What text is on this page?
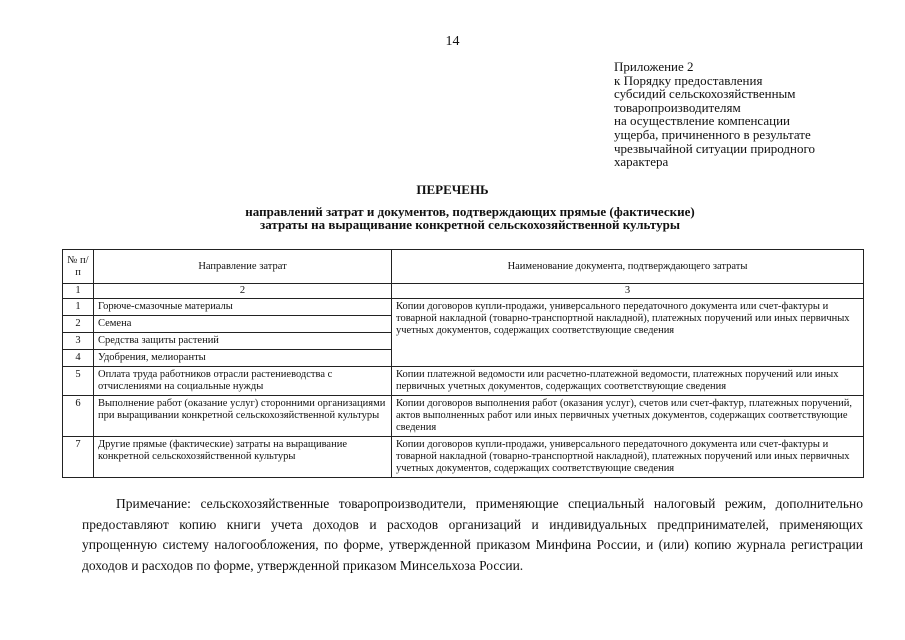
14
Приложение 2
к Порядку предоставления
субсидий сельскохозяйственным
товаропроизводителям
на осуществление компенсации
ущерба, причиненного в результате
чрезвычайной ситуации природного
характера
ПЕРЕЧЕНЬ
направлений затрат и документов, подтверждающих прямые (фактические)
затраты на выращивание конкретной сельскохозяйственной культуры
№ п/п	Направление затрат	Наименование документа, подтверждающего затраты
1	2	3
1	Горюче-смазочные материалы	Копии договоров купли-продажи, универсального передаточного документа или счет-фактуры и товарной накладной (товарно-транспортной накладной), платежных поручений или иных первичных учетных документов, содержащих соответствующие сведения
2	Семена	
3	Средства защиты растений	
4	Удобрения, мелиоранты	
5	Оплата труда работников отрасли растениеводства с отчислениями на социальные нужды	Копии платежной ведомости или расчетно-платежной ведомости, платежных поручений или иных первичных учетных документов, содержащих соответствующие сведения
6	Выполнение работ (оказание услуг) сторонними организациями при выращивании конкретной сельскохозяйственной культуры	Копии договоров выполнения работ (оказания услуг), счетов или счет-фактур, платежных поручений, актов выполненных работ или иных первичных учетных документов, содержащих соответствующие сведения
7	Другие прямые (фактические) затраты на выращивание конкретной сельскохозяйственной культуры	Копии договоров купли-продажи, универсального передаточного документа или счет-фактуры и товарной накладной (товарно-транспортной накладной), платежных поручений или иных первичных учетных документов, содержащих соответствующие сведения
Примечание: сельскохозяйственные товаропроизводители, применяющие специальный налоговый режим, дополнительно предоставляют копию книги учета доходов и расходов организаций и индивидуальных предпринимателей, применяющих упрощенную систему налогообложения, по форме, утвержденной приказом Минфина России, и (или) копию журнала регистрации доходов и расходов по форме, утвержденной приказом Минсельхоза России.
